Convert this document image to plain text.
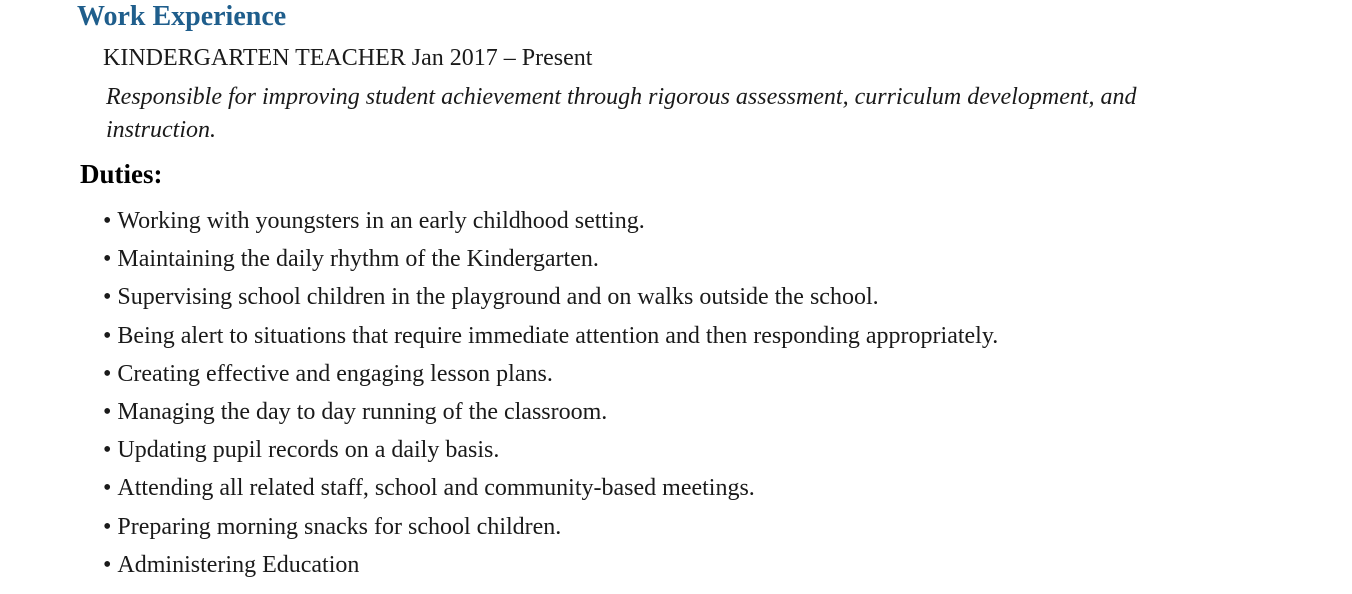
Work Experience
KINDERGARTEN TEACHER Jan 2017 – Present
Responsible for improving student achievement through rigorous assessment, curriculum development, and instruction.
Duties:
• Working with youngsters in an early childhood setting.
• Maintaining the daily rhythm of the Kindergarten.
• Supervising school children in the playground and on walks outside the school.
• Being alert to situations that require immediate attention and then responding appropriately.
• Creating effective and engaging lesson plans.
• Managing the day to day running of the classroom.
• Updating pupil records on a daily basis.
• Attending all related staff, school and community-based meetings.
• Preparing morning snacks for school children.
• Administering Education
